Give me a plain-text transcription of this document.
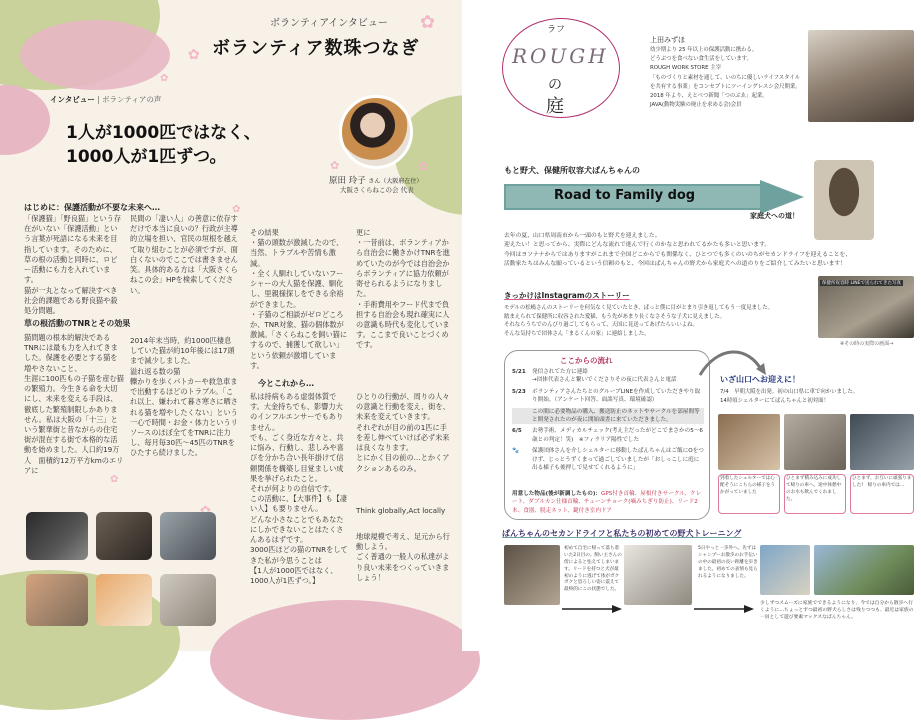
✿
✿
✿
✿
✿
✿
✿
ボランティアインタビュー
ボランティア数珠つなぎ
インタビュー | ボランティアの声
1人が1000匹ではなく、
1000人が1匹ずつ。
原田 玲子 さん（大阪府在住）
大阪さくらねこの会 代表
はじめに：保護活動が不要な未来へ…
「保護猫」「野良猫」という存在がいない「保護活動」という言葉が死語になる未来を目指しています。そのために、草の根の活動と同時に、ロビー活動にも力を入れています。
猫が一丸となって解決すべき社会的課題である野良猫や殺処分問題。
草の根活動のTNRとその効果
猫問題の根本的解決であるTNRには最も力を入れてきました。保護を必要とする猫を増やさないこと、
生涯に100匹もの子猫を産む猫の繁殖力。今生きる命を大切にし、未来を変える手段は、徹底した繁殖制限しかありません。私は大阪の「十三」という繁華街と昔ながらの住宅街が混在する街で本格的な活動を始めました。人口約19万人　面積約12万平方kmのエリアに
民間の「凄い人」の善意に依存すだけで本当に良いの？行政が主導的立場を担い、官民の垣根を越えて取り組むことが必須ですが、面白くないのでここでは書きません笑。具体的ある方は「大阪さくらねこの会」HPを検索してください。
2014年末当時、約1000匹棲息していた猫が約10年後には17頭まで減少しました。
溢れ返る数の猫
轢かりを歩くパトカーや救急車まで出動するほどのトラブル。「これ以上、嫌われて暮さ寒さに晒される猫を増やしたくない」という一心で時間・お金・体力というリソースのほぼ全てをTNRに注力し、毎月毎30匹〜45匹のTNRをひたすら続けました。
その結果
・猫の頭数が激減したので、当然、トラブルや苦情も激減。
・全く人馴れしていないフーシャーの大人猫を保護、馴化し、里親様探しをできる余裕ができました。
・子猫のご相談がゼロどころか、TNR対象、猫の個体数が激減。「さくらねこを飼い猫にするので、捕獲して欲しい」という依頼が激増しています。
今とこれから…
私は持病もある虚弱体質です。大金持ちでも、影響力大のインフルエンサーでもありません。
でも、ごく身近な方々と、共に悩み、行動し、悲しみや喜びを分かち合い長年掛けて信頼関係を構築し目覚ましい成果を挙げられたこと。
それが何よりの自信です。
この活動に、【大事件】も【凄い人】も要りません。
どんな小さなことでもあなたにしかできないことはたくさんあるはずです。
3000匹ほどの猫のTNRをしてきた私が今思うことは
【1人が1000匹ではなく、1000人が1匹ずつ。】
更に
・一昔前は、ボランティアから自治会に働きかけTNRを進めていたのが今では自治会からボランティアに協力依頼が寄せられるようになりました。
・手術費用やフード代まで負担する自治会も現れ確実に人の意識も時代も変化しています。ここまで良いことづくめです。
ひとりの行動が、周りの人々の意識と行動を変え、街を、未来を変えていきます。
それぞれが目の前の1匹に手を差し伸べていけば必ず未来は良くなります。
とにかく目の前の…とかくアクションあるのみ。
Think globally,Act locally
地球規模で考え、足元から行動しよう。
ごく普通の一般人の私達がより良い未来をつくっていきましょう！
ラフ
ROUGH
の
庭
上田みずほ
幼少期より 25 年以上の保護活動に携わる。
どうぶつを食べない食生活をしています。
ROUGH WORK STORE 主宰
「ものづくりと素材を通して、いのちに優しいライフスタイルを共有する事業」をコンセプトにツーイングレスシ会尺開業。
2018 年より、えとべつ新聞「つのぶゑ」起業。
JAVA(動物実験の廃止を求める会)会員
もと野犬、保健所収容犬ぱんちゃんの
Road to Family dog
家庭犬への道！
去年の夏、山口県周南市から一頭のもと野犬を迎えました。
迎えたい！と思ってから、実際にどんな流れで進んで行くのかなと思われてるかたも多いと思います。
今回はヨソナナからではありますがこれまで全国どこからでも関係なく、ひとつでも多くのいのちがセカンドライフを迎えることを、活動家たちはみんな願っているという信頼のもと、今回はぱんちゃんの野犬から家庭犬への道のりをご紹介してみたいと思います！
きっかけはInstagramのストーリー
モデルの松嶋さんのストーリーを何気なく見ていたとき、ぱっと僕に目がとまり引き返してもう一度見ました。
踏まえられて保健所に収容された愛猫、もう先があまり長くなさそうな子犬に見えました。
それならうちでのんびり過ごしてもらって、天国に見送ってあげたらいいよね。
そんな気持ちで団体さん「まるくんの家」に連絡しました。
保健所収容時 LINEで送られてきた写真
※その時の実際の画面→
ここからの流れ
5/21	発信されてた方に連絡
→団体代表さんと繋いでくださりその夜に代表さんと電話
5/23	ボランティアさんたちとのグループLINEを作成していただきやり取り開始。（アンケート回答、面談写真、環境確認）
この間に必要物品の購入、搬送防止のネットやサークルを部屋間等と開発されたのが夜に開始頭書に来ていただきました。
6/5	去勢手術、メディカルチェック(考え主だったがどこでまさかの5〜6歳との判定！笑)　※フィラリア陽性でした
🐾	保護団体さんを介しシェルターに移動したぱんちゃんはご飯にOをつけず、じっとうずくまって過ごしていましたが「おしっこしに庭に出る様子も後押しで見せてくれるように」
用意した物品(後が新調したもの)：GPS付き首輪、屋根付きサークル、クレート、ダブルカン仕様首輪、チェーンチョーク(噛みちぎり防止)、リード2本、食器、脱走ネット、鍵付き室内ドア
いざ山口へお迎えに！
7/4　早朝大阪を出発。初の山口県に車で向かいました。
14時頃シェルターにてぱんちゃんと初対面！
到着したシェルターでは心配そうにこちらの様子をうかがっていました
ひとまず積み込みに成功して帰りの車へ。途中休憩中のお水も飲んでくれました。
ひとまず、お互いに頑張りました!　帰りの車内では…
ぱんちゃんのセカンドライフと私たちの初めての野犬トレーニング
初めて自宅に帰って落ち着いた2日目の。飼い主さんの傍によると怯えてしまいます。リードを持つと犬が最初のように逃げて体がガクガクと恐ろしい姿に震えて最終的にこの状態でした。
5日やっと一歩外へ。先ずはシャンプーお散歩のお手伝いの中の最初の長い距離を歩きました。初めての表情も見られるようになりました。
少しずつスムーズに家族でできるようになり、今では自分から散歩へ行くように…ちょっとずつ最初の野犬らしさは残りつつも、最近は家族の一員として遊び要素マックスなぱんちゃん。
